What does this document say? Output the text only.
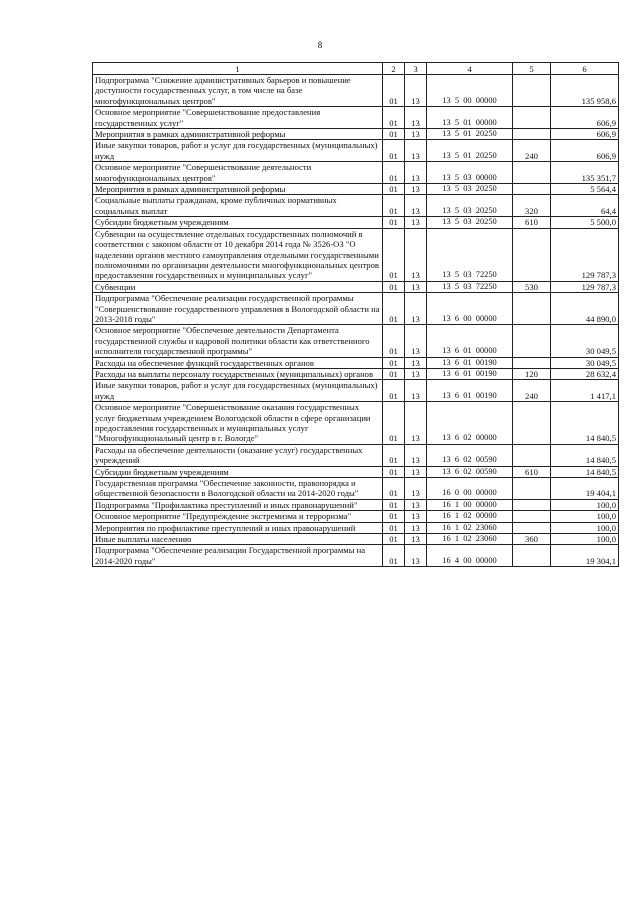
8
1	2	3	4	5	6
Подпрограмма "Снижение административных барьеров и повышение доступности государственных услуг, в том числе на базе многофункциональных центров"	01	13	13  5  00  00000		135 958,6
Основное мероприятие "Совершенствование предоставления государственных услуг"	01	13	13  5  01  00000		606,9
Мероприятия в рамках административной реформы	01	13	13  5  01  20250		606,9
Иные закупки товаров, работ и услуг для государственных (муниципальных) нужд	01	13	13  5  01  20250	240	606,9
Основное мероприятие "Совершенствование деятельности многофункциональных центров"	01	13	13  5  03  00000		135 351,7
Мероприятия в рамках административной реформы	01	13	13  5  03  20250		5 564,4
Социальные выплаты гражданам, кроме публичных нормативных социальных выплат	01	13	13  5  03  20250	320	64,4
Субсидии бюджетным учреждениям	01	13	13  5  03  20250	610	5 500,0
Субвенции на осуществление отдельных государственных полномочий в соответствии с законом области от 10 декабря 2014 года № 3526-ОЗ "О наделении органов местного самоуправления отдельными государственными полномочиями по организации деятельности многофункциональных центров предоставления государственных и муниципальных услуг"	01	13	13  5  03  72250		129 787,3
Субвенции	01	13	13  5  03  72250	530	129 787,3
Подпрограмма "Обеспечение реализации государственной программы "Совершенствование государственного управления в Вологодской области на 2013-2018 годы"	01	13	13  6  00  00000		44 890,0
Основное мероприятие "Обеспечение деятельности Департамента государственной службы и кадровой политики области как ответственного исполнителя государственной программы"	01	13	13  6  01  00000		30 049,5
Расходы на обеспечение функций государственных органов	01	13	13  6  01  00190		30 049,5
Расходы на выплаты персоналу государственных (муниципальных) органов	01	13	13  6  01  00190	120	28 632,4
Иные закупки товаров, работ и услуг для государственных (муниципальных) нужд	01	13	13  6  01  00190	240	1 417,1
Основное мероприятие "Совершенствование оказания государственных услуг бюджетным учреждением Вологодской области в сфере организации предоставления государственных и муниципальных услуг "Многофункциональный центр в г. Вологде"	01	13	13  6  02  00000		14 840,5
Расходы на обеспечение деятельности (оказание услуг) государственных учреждений	01	13	13  6  02  00590		14 840,5
Субсидии бюджетным учреждениям	01	13	13  6  02  00590	610	14 840,5
Государственная программа "Обеспечение законности, правопорядка и общественной безопасности в Вологодской области на 2014-2020 годы"	01	13	16  0  00  00000		19 404,1
Подпрограмма "Профилактика преступлений и иных правонарушений"	01	13	16  1  00  00000		100,0
Основное мероприятие "Предупреждение экстремизма и терроризма"	01	13	16  1  02  00000		100,0
Мероприятия по профилактике преступлений и иных правонарушений	01	13	16  1  02  23060		100,0
Иные выплаты населению	01	13	16  1  02  23060	360	100,0
Подпрограмма "Обеспечение реализации Государственной программы на 2014-2020 годы"	01	13	16  4  00  00000		19 304,1
